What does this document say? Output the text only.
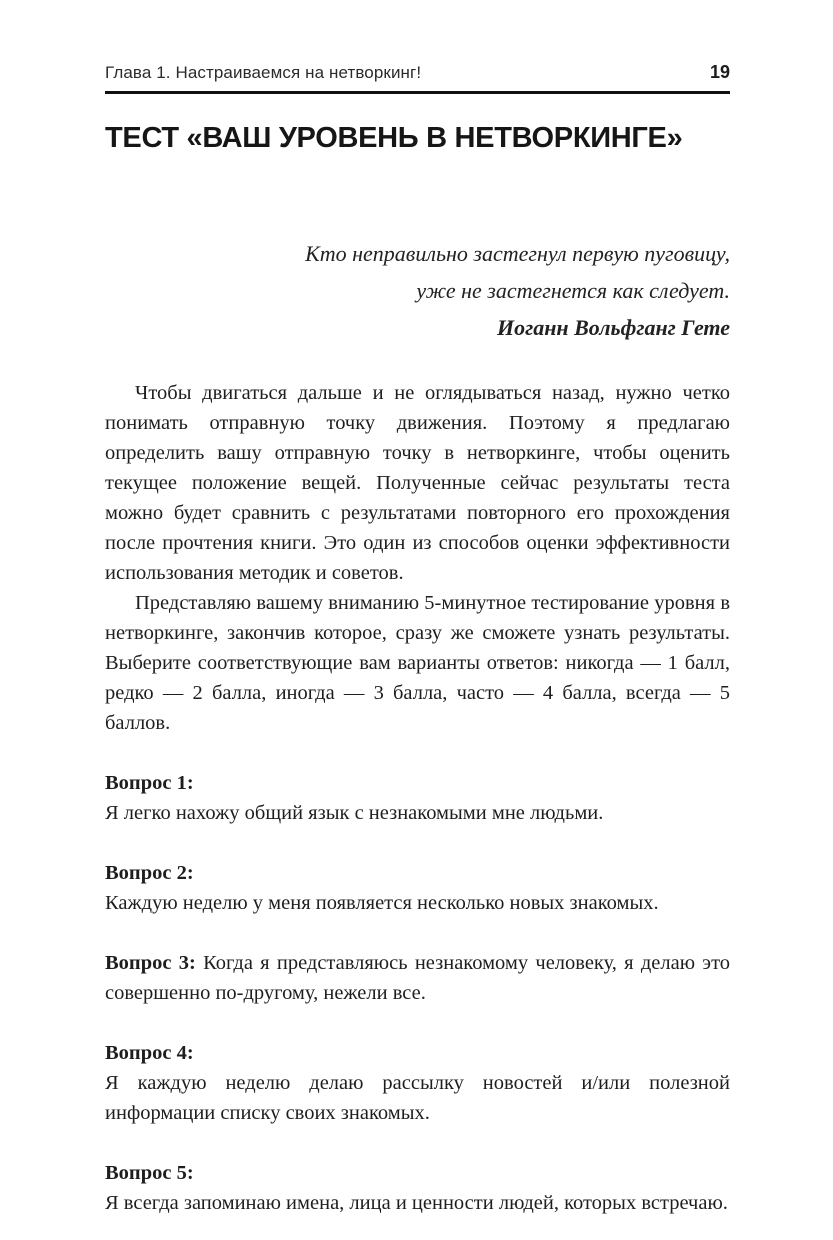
Глава 1. Настраиваемся на нетворкинг!	19
ТЕСТ «ВАШ УРОВЕНЬ В НЕТВОРКИНГЕ»
Кто неправильно застегнул первую пуговицу,
уже не застегнется как следует.
Иоганн Вольфганг Гете

Чтобы двигаться дальше и не оглядываться назад, нужно четко понимать отправную точку движения. Поэтому я предлагаю определить вашу отправную точку в нетворкинге, чтобы оценить текущее положение вещей. Полученные сейчас результаты теста можно будет сравнить с результатами повторного его прохождения после прочтения книги. Это один из способов оценки эффективности использования методик и советов.

Представляю вашему вниманию 5-минутное тестирование уровня в нетворкинге, закончив которое, сразу же сможете узнать результаты. Выберите соответствующие вам варианты ответов: никогда — 1 балл, редко — 2 балла, иногда — 3 балла, часто — 4 балла, всегда — 5 баллов.

Вопрос 1:

Я легко нахожу общий язык с незнакомыми мне людьми.

Вопрос 2:

Каждую неделю у меня появляется несколько новых знакомых.

Вопрос 3: Когда я представляюсь незнакомому человеку, я делаю это совершенно по-другому, нежели все.

Вопрос 4:

Я каждую неделю делаю рассылку новостей и/или полезной информации списку своих знакомых.

Вопрос 5:

Я всегда запоминаю имена, лица и ценности людей, которых встречаю.
